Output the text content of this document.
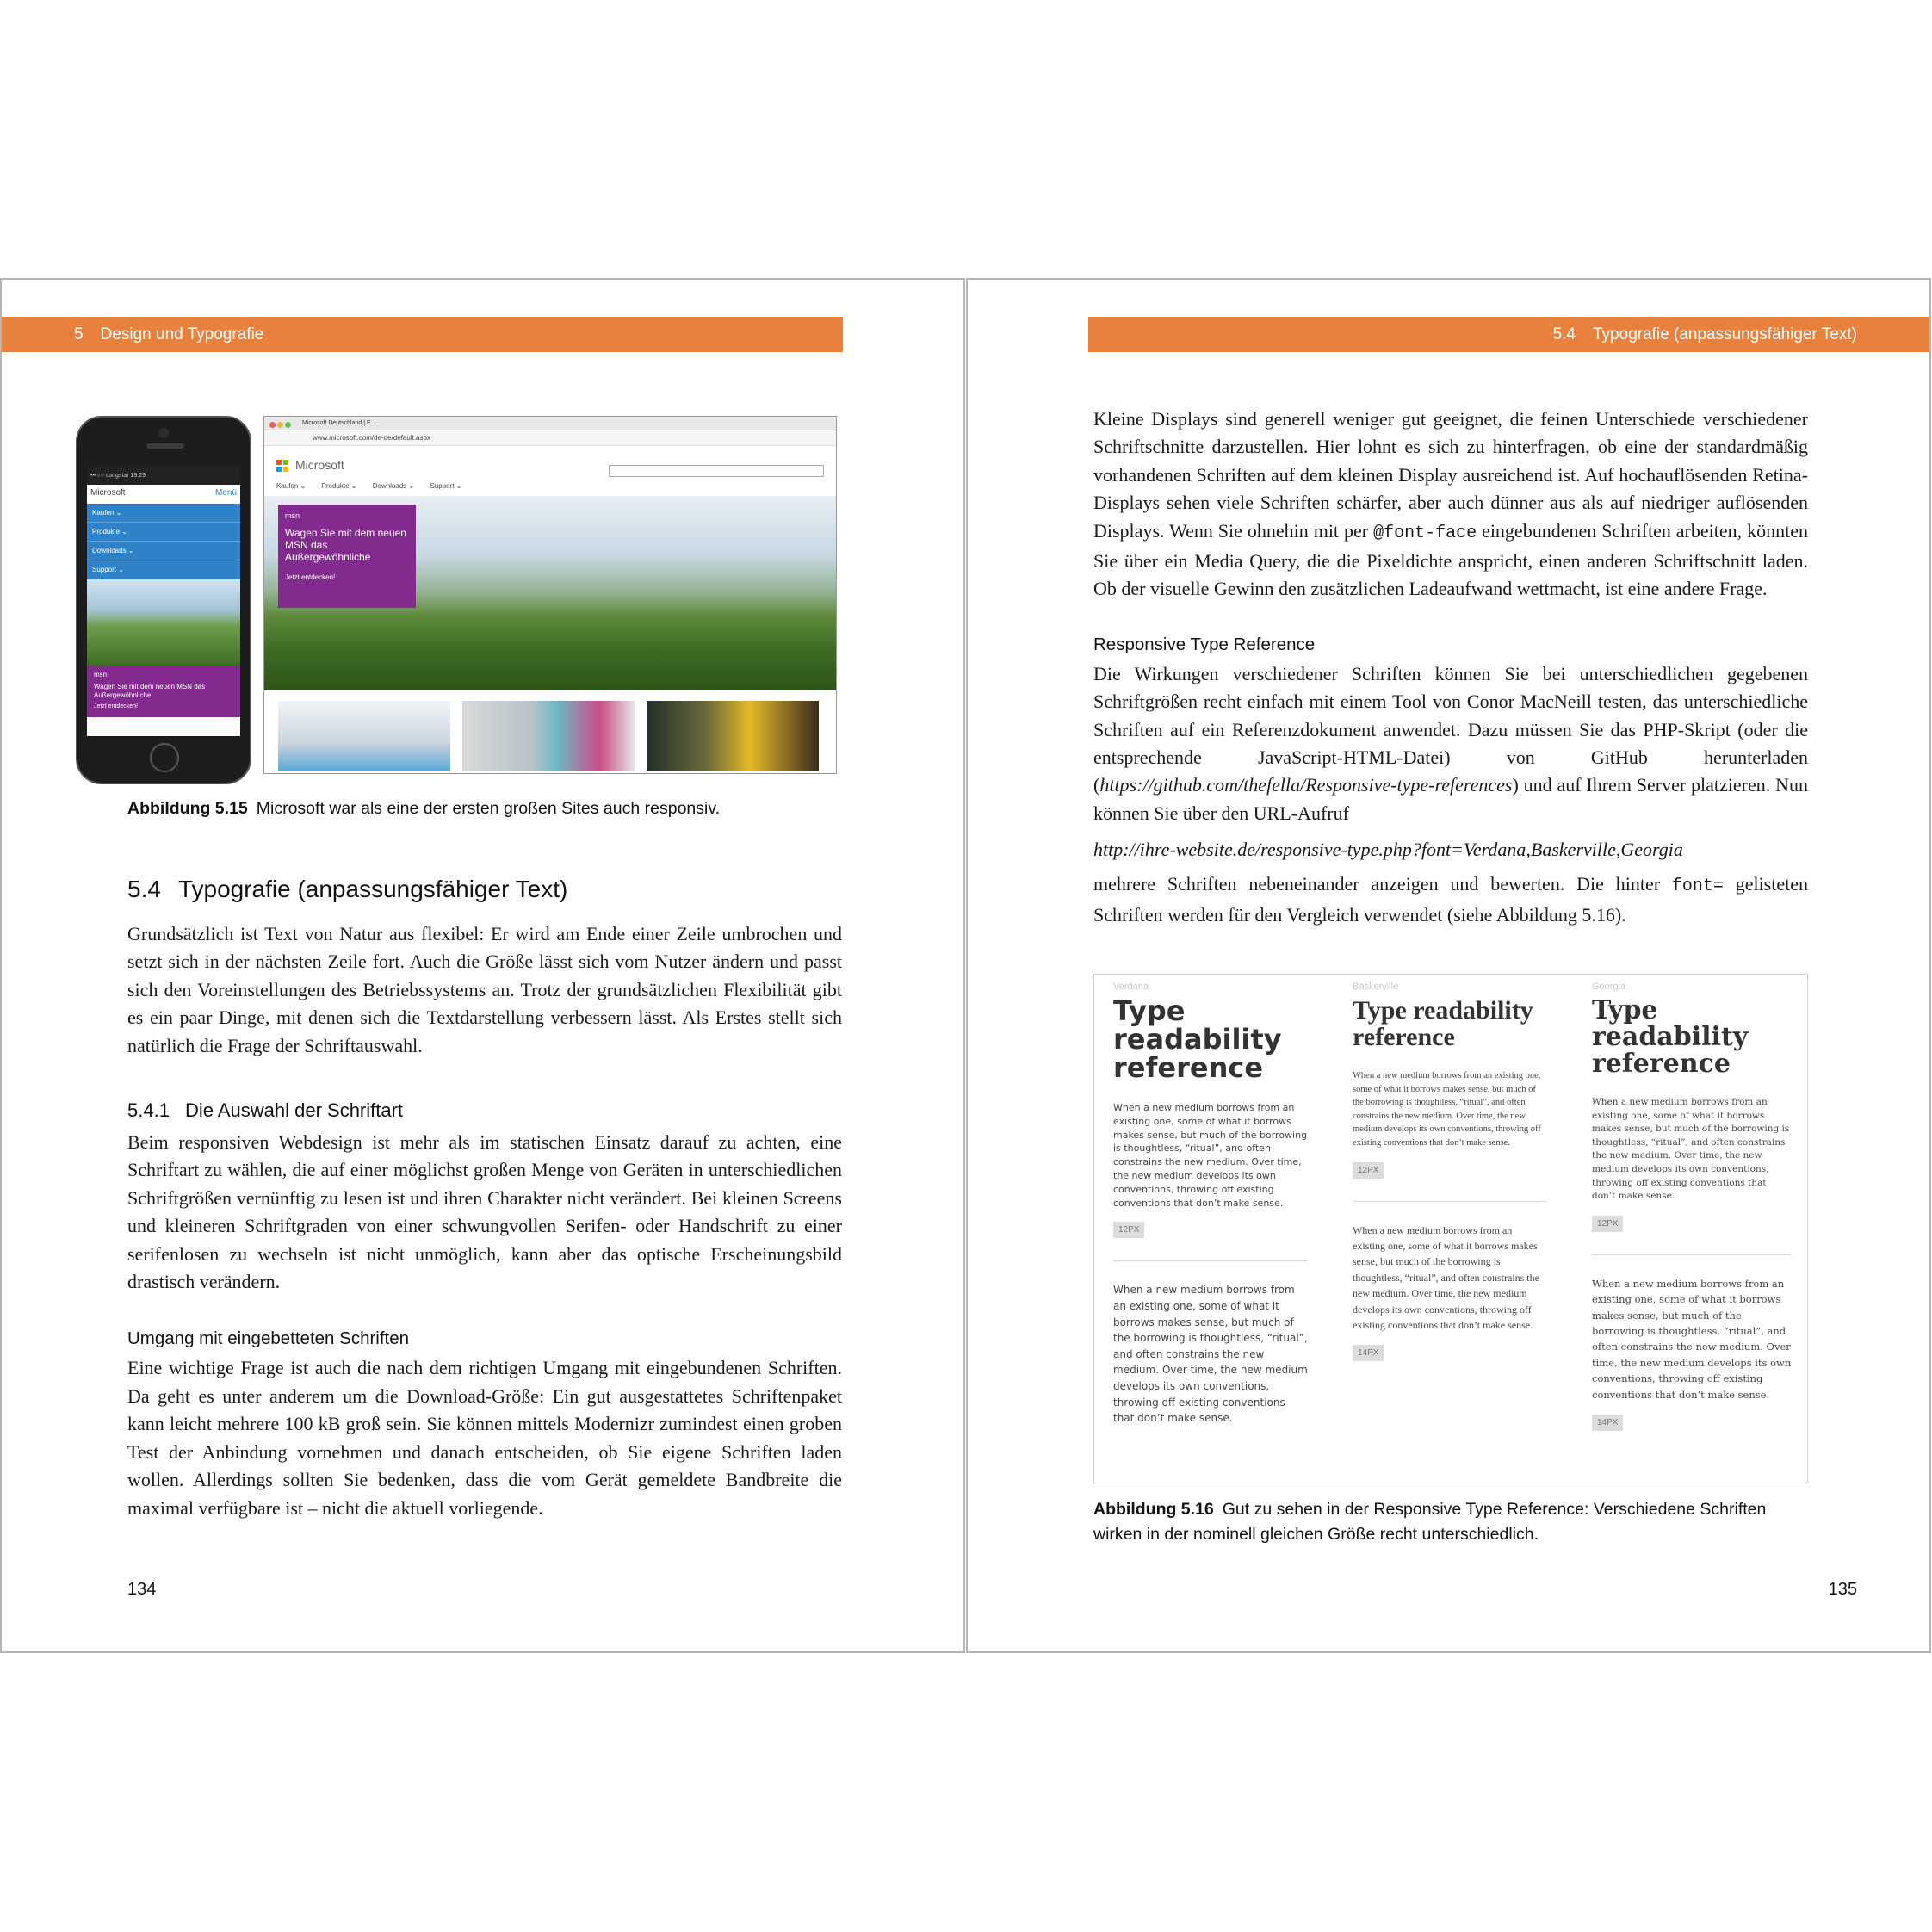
5 Design und Typografie
•••○○ congstar 19:29
Microsoft	Menü
Kaufen ⌄
Produkte ⌄
Downloads ⌄
Support ⌄
msn
Wagen Sie mit dem neuen MSN das Außergewöhnliche
Jetzt entdecken!
Microsoft Deutschland | E…
www.microsoft.com/de-de/default.aspx
Microsoft
Kaufen ⌄ Produkte ⌄ Downloads ⌄ Support ⌄
msn
Wagen Sie mit dem neuen MSN das Außergewöhnliche
Jetzt entdecken!
Abbildung 5.15 Microsoft war als eine der ersten großen Sites auch responsiv.
5.4 Typografie (anpassungsfähiger Text)

Grundsätzlich ist Text von Natur aus flexibel: Er wird am Ende einer Zeile umbrochen und setzt sich in der nächsten Zeile fort. Auch die Größe lässt sich vom Nutzer ändern und passt sich den Voreinstellungen des Betriebssystems an. Trotz der grundsätzlichen Flexibilität gibt es ein paar Dinge, mit denen sich die Textdarstellung verbessern lässt. Als Erstes stellt sich natürlich die Frage der Schriftauswahl.

5.4.1 Die Auswahl der Schriftart

Beim responsiven Webdesign ist mehr als im statischen Einsatz darauf zu achten, eine Schriftart zu wählen, die auf einer möglichst großen Menge von Geräten in unterschiedlichen Schriftgrößen vernünftig zu lesen ist und ihren Charakter nicht verändert. Bei kleinen Screens und kleineren Schriftgraden von einer schwungvollen Serifen- oder Handschrift zu einer serifenlosen zu wechseln ist nicht unmöglich, kann aber das optische Erscheinungsbild drastisch verändern.

Umgang mit eingebetteten Schriften

Eine wichtige Frage ist auch die nach dem richtigen Umgang mit eingebundenen Schriften. Da geht es unter anderem um die Download-Größe: Ein gut ausgestattetes Schriftenpaket kann leicht mehrere 100 kB groß sein. Sie können mittels Modernizr zumindest einen groben Test der Anbindung vornehmen und danach entscheiden, ob Sie eigene Schriften laden wollen. Allerdings sollten Sie bedenken, dass die vom Gerät gemeldete Bandbreite die maximal verfügbare ist – nicht die aktuell vorliegende.

134
5.4 Typografie (anpassungsfähiger Text)

Kleine Displays sind generell weniger gut geeignet, die feinen Unterschiede verschiedener Schriftschnitte darzustellen. Hier lohnt es sich zu hinterfragen, ob eine der standardmäßig vorhandenen Schriften auf dem kleinen Display ausreichend ist. Auf hochauflösenden Retina-Displays sehen viele Schriften schärfer, aber auch dünner aus als auf niedriger auflösenden Displays. Wenn Sie ohnehin mit per @font-face eingebundenen Schriften arbeiten, könnten Sie über ein Media Query, die die Pixeldichte anspricht, einen anderen Schriftschnitt laden. Ob der visuelle Gewinn den zusätzlichen Ladeaufwand wettmacht, ist eine andere Frage.

Responsive Type Reference

Die Wirkungen verschiedener Schriften können Sie bei unterschiedlichen gegebenen Schriftgrößen recht einfach mit einem Tool von Conor MacNeill testen, das unterschiedliche Schriften auf ein Referenzdokument anwendet. Dazu müssen Sie das PHP-Skript (oder die entsprechende JavaScript-HTML-Datei) von GitHub herunterladen (https://github.com/thefella/Responsive-type-references) und auf Ihrem Server platzieren. Nun können Sie über den URL-Aufruf

http://ihre-website.de/responsive-type.php?font=Verdana,Baskerville,Georgia

mehrere Schriften nebeneinander anzeigen und bewerten. Die hinter font= gelisteten Schriften werden für den Vergleich verwendet (siehe Abbildung 5.16).

Verdana
Type readability reference
When a new medium borrows from an existing one, some of what it borrows makes sense, but much of the borrowing is thoughtless, “ritual”, and often constrains the new medium. Over time, the new medium develops its own conventions, throwing off existing conventions that don’t make sense.
12PX
When a new medium borrows from an existing one, some of what it borrows makes sense, but much of the borrowing is thoughtless, “ritual”, and often constrains the new medium. Over time, the new medium develops its own conventions, throwing off existing conventions that don’t make sense.
Baskerville
Type readability reference
When a new medium borrows from an existing one, some of what it borrows makes sense, but much of the borrowing is thoughtless, “ritual”, and often constrains the new medium. Over time, the new medium develops its own conventions, throwing off existing conventions that don’t make sense.
12PX
When a new medium borrows from an existing one, some of what it borrows makes sense, but much of the borrowing is thoughtless, “ritual”, and often constrains the new medium. Over time, the new medium develops its own conventions, throwing off existing conventions that don’t make sense.
14PX
Georgia
Type readability reference
When a new medium borrows from an existing one, some of what it borrows makes sense, but much of the borrowing is thoughtless, “ritual”, and often constrains the new medium. Over time, the new medium develops its own conventions, throwing off existing conventions that don’t make sense.
12PX
When a new medium borrows from an existing one, some of what it borrows makes sense, but much of the borrowing is thoughtless, “ritual”, and often constrains the new medium. Over time, the new medium develops its own conventions, throwing off existing conventions that don’t make sense.
14PX
Abbildung 5.16 Gut zu sehen in der Responsive Type Reference: Verschiedene Schriften wirken in der nominell gleichen Größe recht unterschiedlich.
135
